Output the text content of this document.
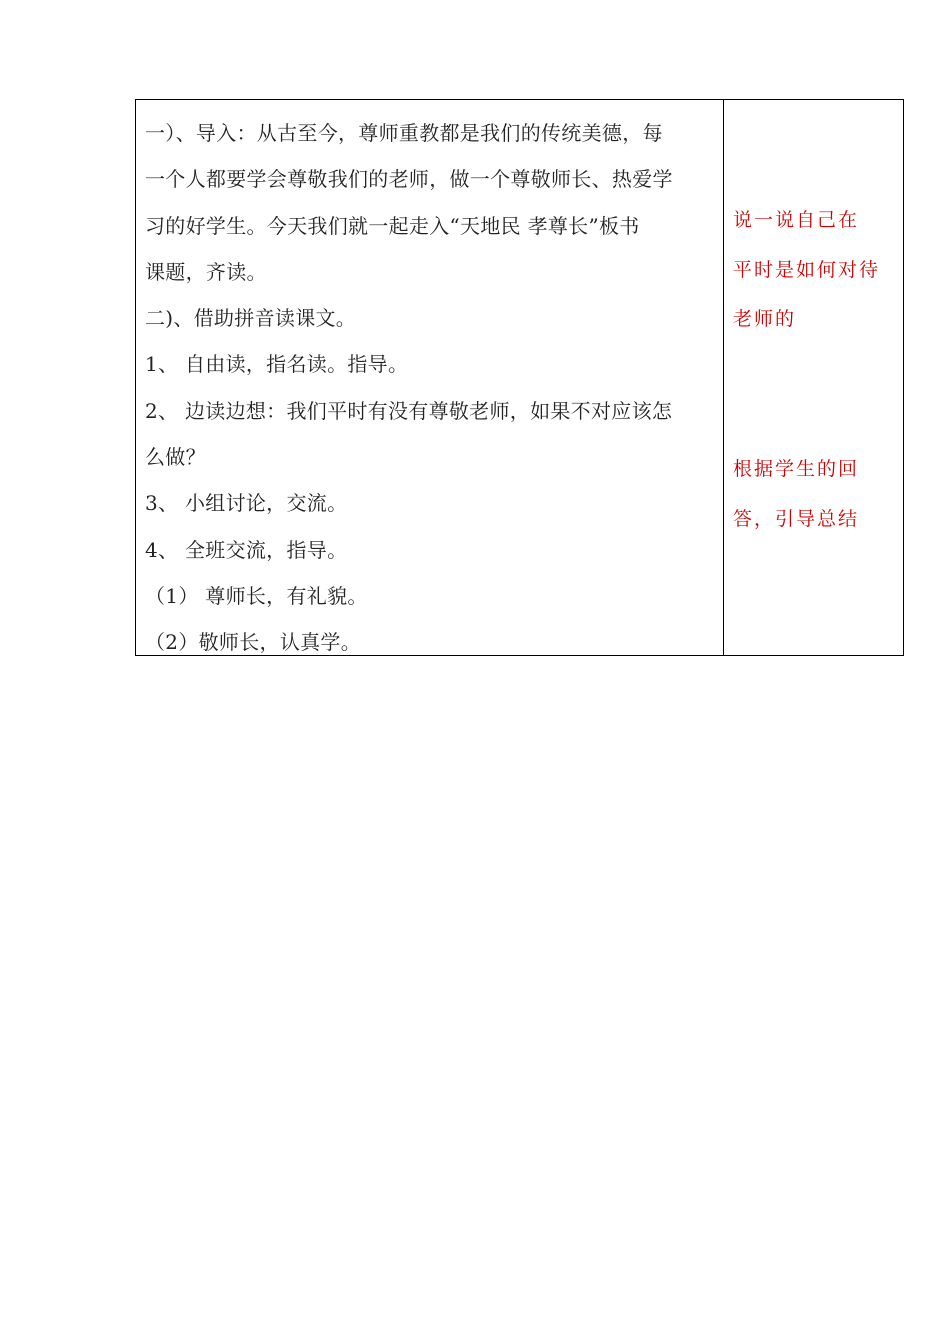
一）、导入：从古至今，尊师重教都是我们的传统美德，每
一个人都要学会尊敬我们的老师，做一个尊敬师长、热爱学
习的好学生。今天我们就一起走入“天地民 孝尊长”板书
课题，齐读。
二)、借助拼音读课文。
1、 自由读，指名读。指导。
2、 边读边想：我们平时有没有尊敬老师，如果不对应该怎
么做？
3、 小组讨论，交流。
4、 全班交流，指导。
（1） 尊师长，有礼貌。
（2）敬师长，认真学。
说一说自己在
平时是如何对待
老师的
根据学生的回
答，引导总结
